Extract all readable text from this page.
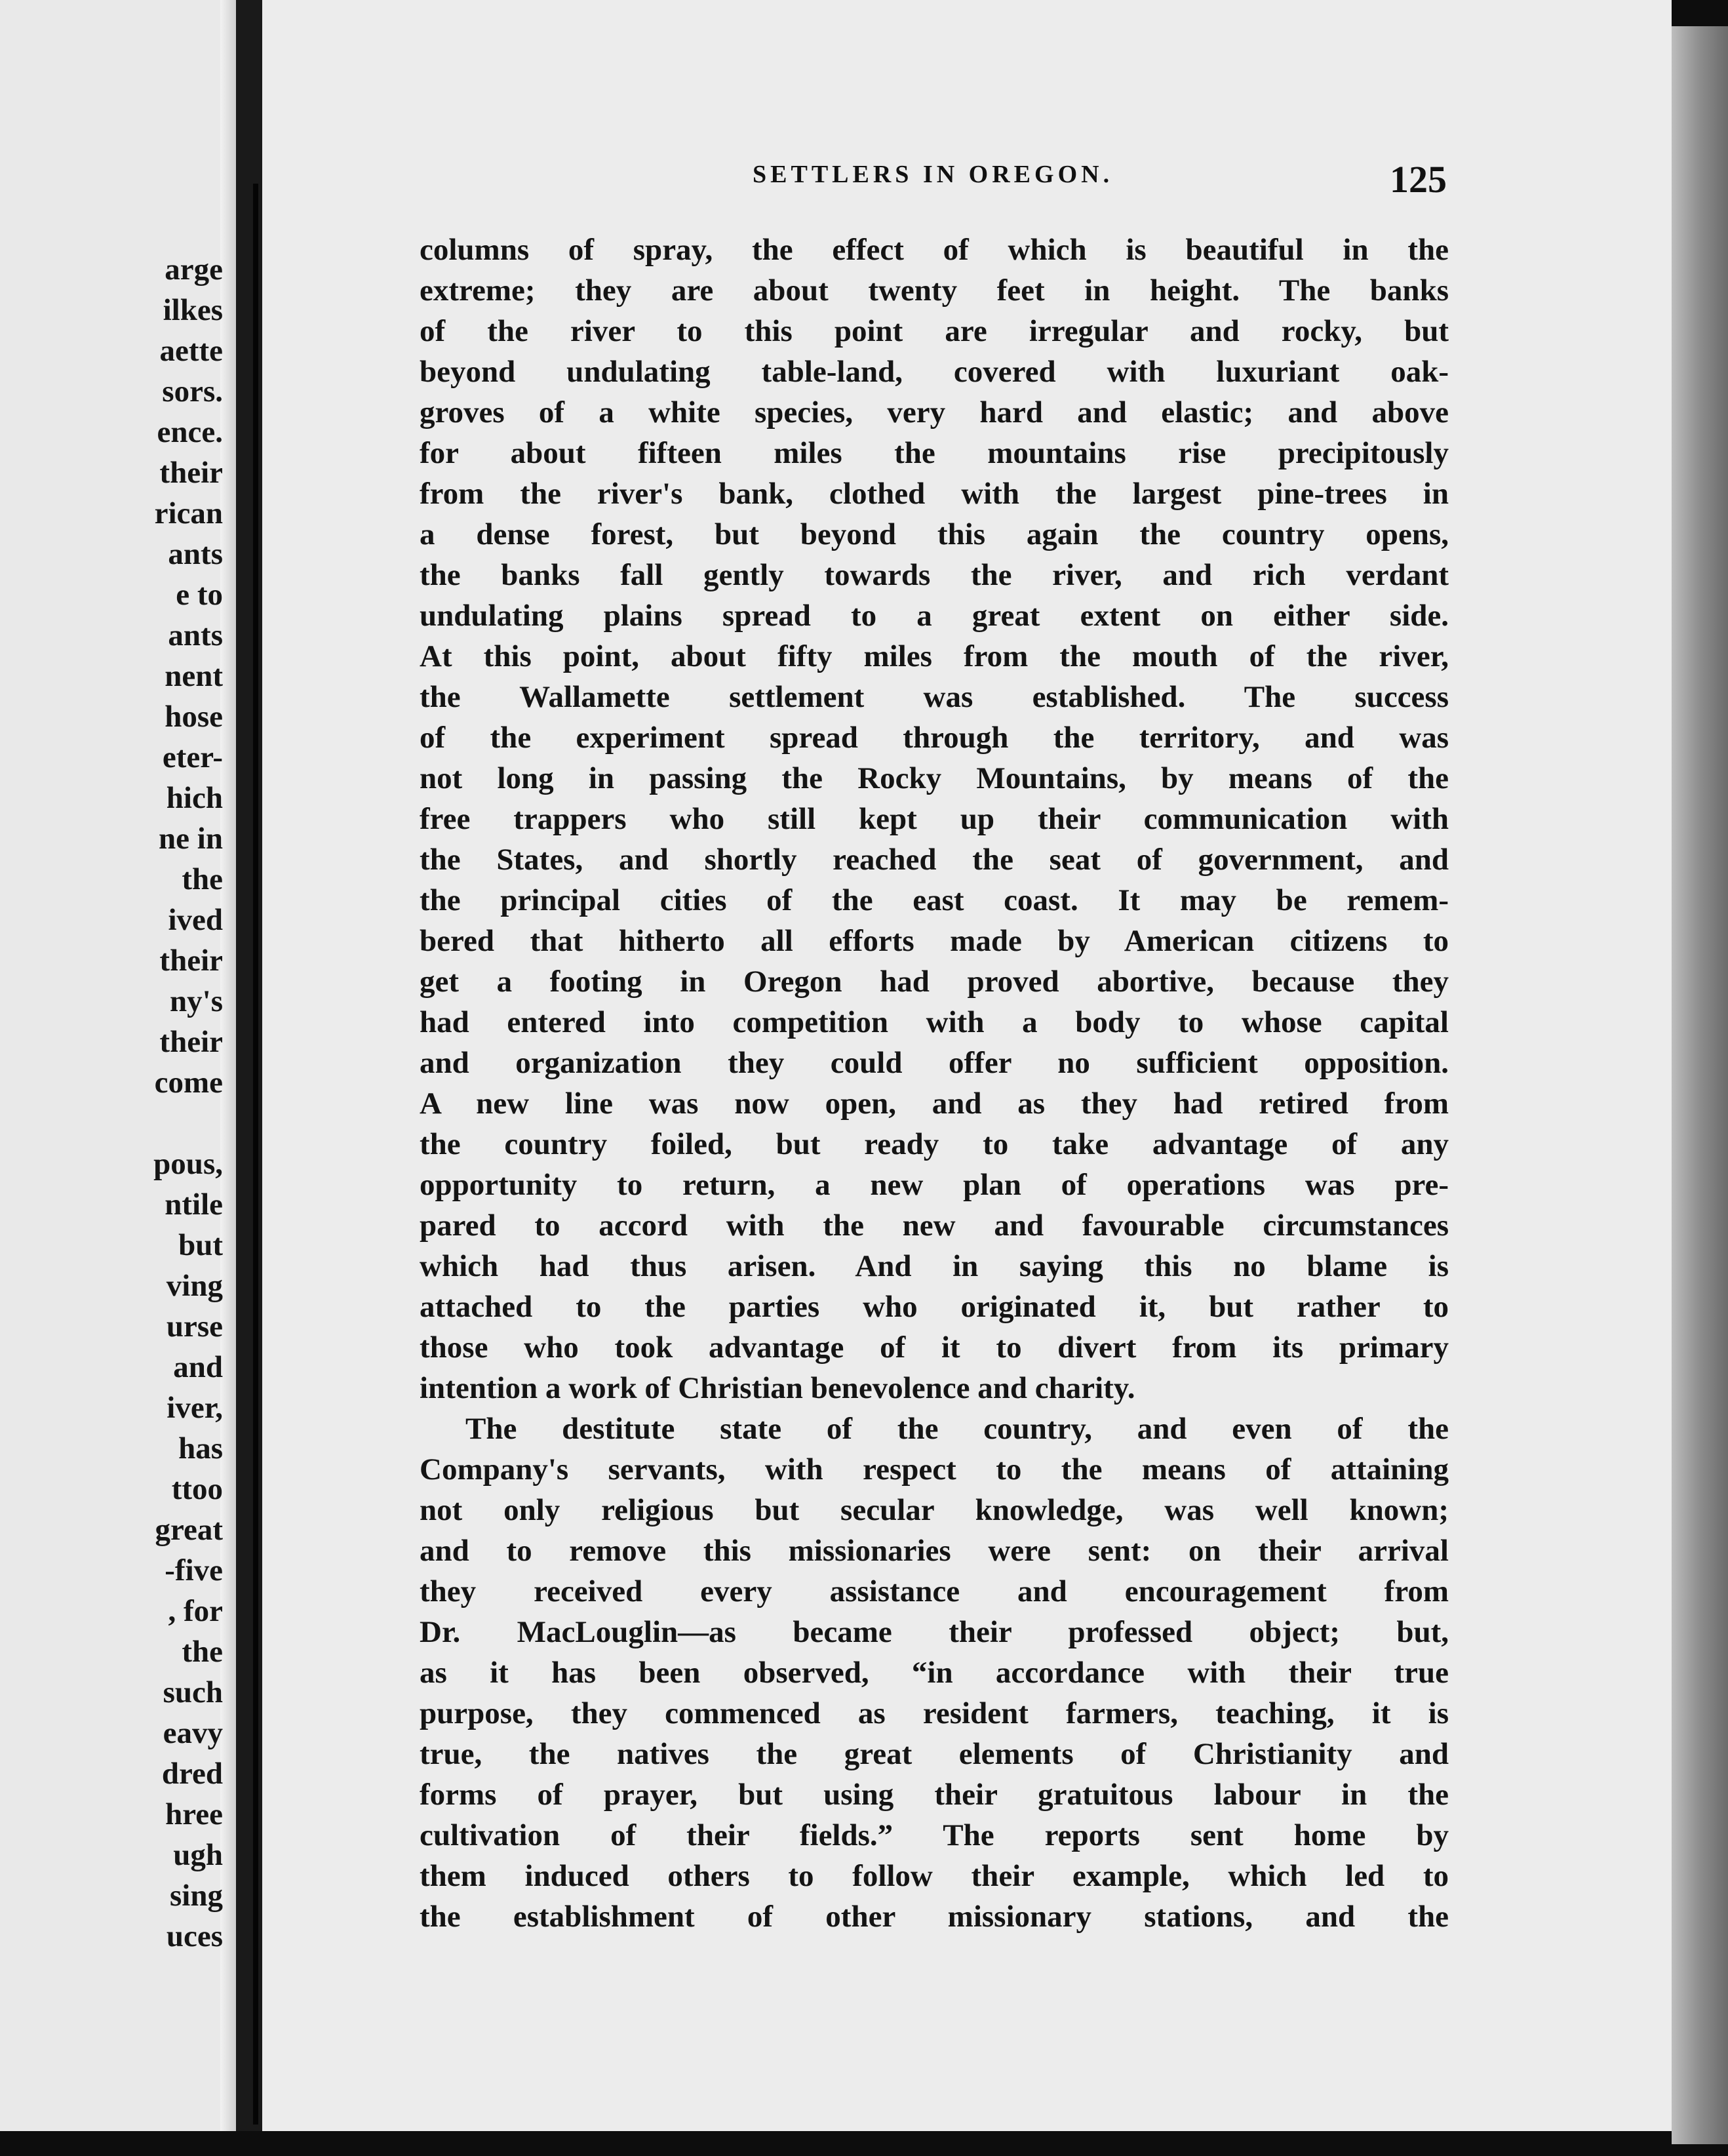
arge
ilkes
aette
sors.
ence.
their
rican
ants
e to
ants
nent
hose
eter-
hich
ne in
the
ived
their
ny's
their
come
pous,
ntile
but
ving
urse
and
iver,
has
ttoo
great
-five
, for
the
such
eavy
dred
hree
ugh
sing
uces
SETTLERS IN OREGON.	125
columns of spray, the effect of which is beautiful in the
extreme; they are about twenty feet in height. The banks
of the river to this point are irregular and rocky, but
beyond undulating table-land, covered with luxuriant oak-
groves of a white species, very hard and elastic; and above
for about fifteen miles the mountains rise precipitously
from the river's bank, clothed with the largest pine-trees in
a dense forest, but beyond this again the country opens,
the banks fall gently towards the river, and rich verdant
undulating plains spread to a great extent on either side.
At this point, about fifty miles from the mouth of the river,
the Wallamette settlement was established. The success
of the experiment spread through the territory, and was
not long in passing the Rocky Mountains, by means of the
free trappers who still kept up their communication with
the States, and shortly reached the seat of government, and
the principal cities of the east coast. It may be remem-
bered that hitherto all efforts made by American citizens to
get a footing in Oregon had proved abortive, because they
had entered into competition with a body to whose capital
and organization they could offer no sufficient opposition.
A new line was now open, and as they had retired from
the country foiled, but ready to take advantage of any
opportunity to return, a new plan of operations was pre-
pared to accord with the new and favourable circumstances
which had thus arisen. And in saying this no blame is
attached to the parties who originated it, but rather to
those who took advantage of it to divert from its primary
intention a work of Christian benevolence and charity.
The destitute state of the country, and even of the
Company's servants, with respect to the means of attaining
not only religious but secular knowledge, was well known;
and to remove this missionaries were sent: on their arrival
they received every assistance and encouragement from
Dr. MacLouglin—as became their professed object; but,
as it has been observed, “in accordance with their true
purpose, they commenced as resident farmers, teaching, it is
true, the natives the great elements of Christianity and
forms of prayer, but using their gratuitous labour in the
cultivation of their fields.” The reports sent home by
them induced others to follow their example, which led to
the establishment of other missionary stations, and the
